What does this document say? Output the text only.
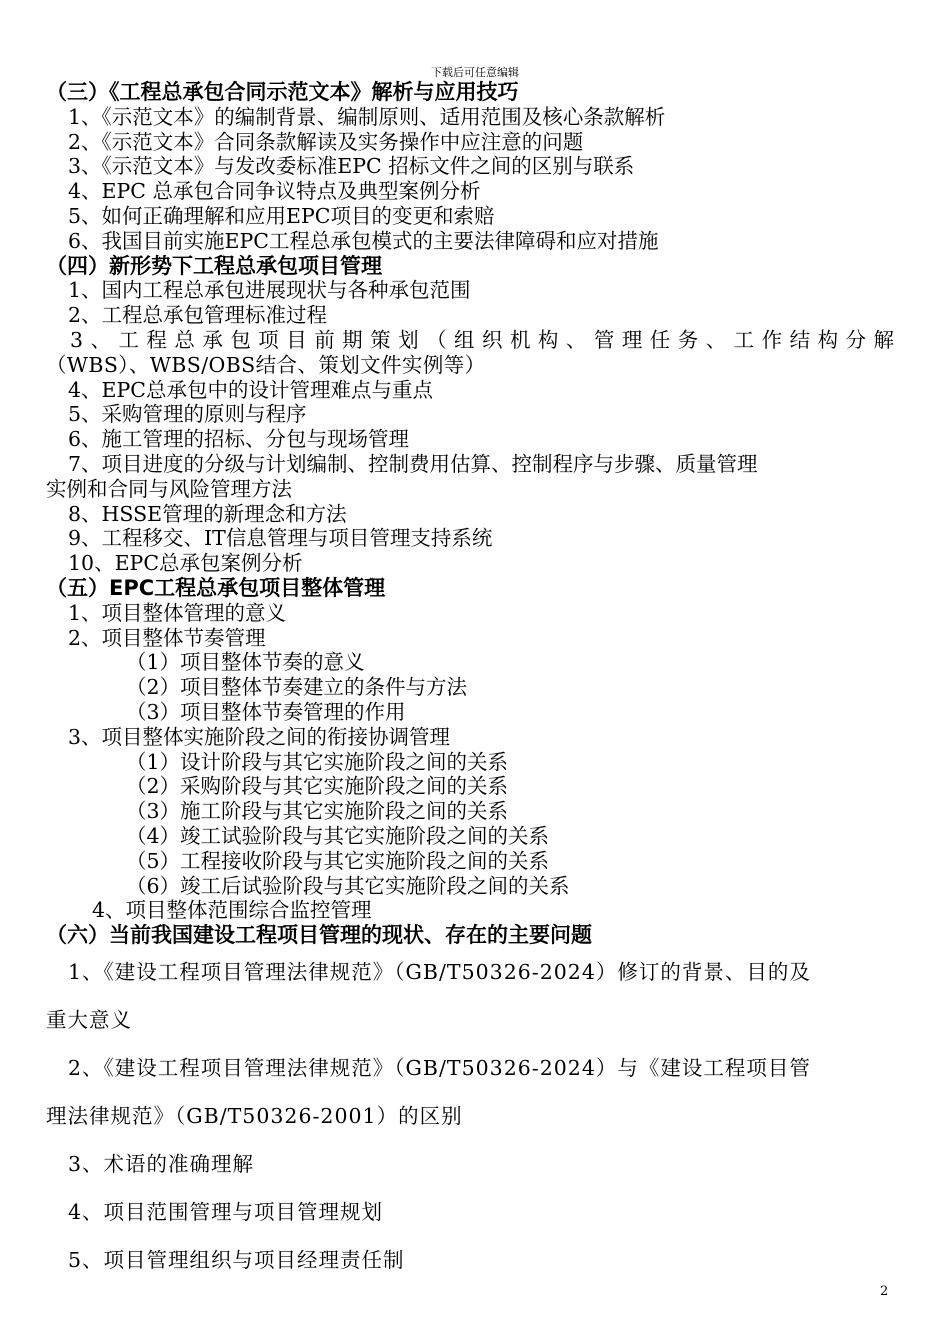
下载后可任意编辑
（三）《工程总承包合同示范文本》解析与应用技巧
1、《示范文本》的编制背景、编制原则、适用范围及核心条款解析
2、《示范文本》合同条款解读及实务操作中应注意的问题
3、《示范文本》与发改委标准EPC 招标文件之间的区别与联系
4、EPC 总承包合同争议特点及典型案例分析
5、如何正确理解和应用EPC项目的变更和索赔
6、我国目前实施EPC工程总承包模式的主要法律障碍和应对措施
（四）新形势下工程总承包项目管理
1、国内工程总承包进展现状与各种承包范围
2、工程总承包管理标准过程
3、工程总承包项目前期策划（组织机构、管理任务、工作结构分解
（WBS）、WBS/OBS结合、策划文件实例等）
4、EPC总承包中的设计管理难点与重点
5、采购管理的原则与程序
6、施工管理的招标、分包与现场管理
7、项目进度的分级与计划编制、控制费用估算、控制程序与步骤、质量管理
实例和合同与风险管理方法
8、HSSE管理的新理念和方法
9、工程移交、IT信息管理与项目管理支持系统
10、EPC总承包案例分析
（五）EPC工程总承包项目整体管理
1、项目整体管理的意义
2、项目整体节奏管理
（1）项目整体节奏的意义
（2）项目整体节奏建立的条件与方法
（3）项目整体节奏管理的作用
3、项目整体实施阶段之间的衔接协调管理
（1）设计阶段与其它实施阶段之间的关系
（2）采购阶段与其它实施阶段之间的关系
（3）施工阶段与其它实施阶段之间的关系
（4）竣工试验阶段与其它实施阶段之间的关系
（5）工程接收阶段与其它实施阶段之间的关系
（6）竣工后试验阶段与其它实施阶段之间的关系
4、项目整体范围综合监控管理
（六）当前我国建设工程项目管理的现状、存在的主要问题
1、《建设工程项目管理法律规范》（GB/T50326-2024）修订的背景、目的及
重大意义
2、《建设工程项目管理法律规范》（GB/T50326-2024）与《建设工程项目管
理法律规范》（GB/T50326-2001）的区别
3、术语的准确理解
4、项目范围管理与项目管理规划
5、项目管理组织与项目经理责任制
2
